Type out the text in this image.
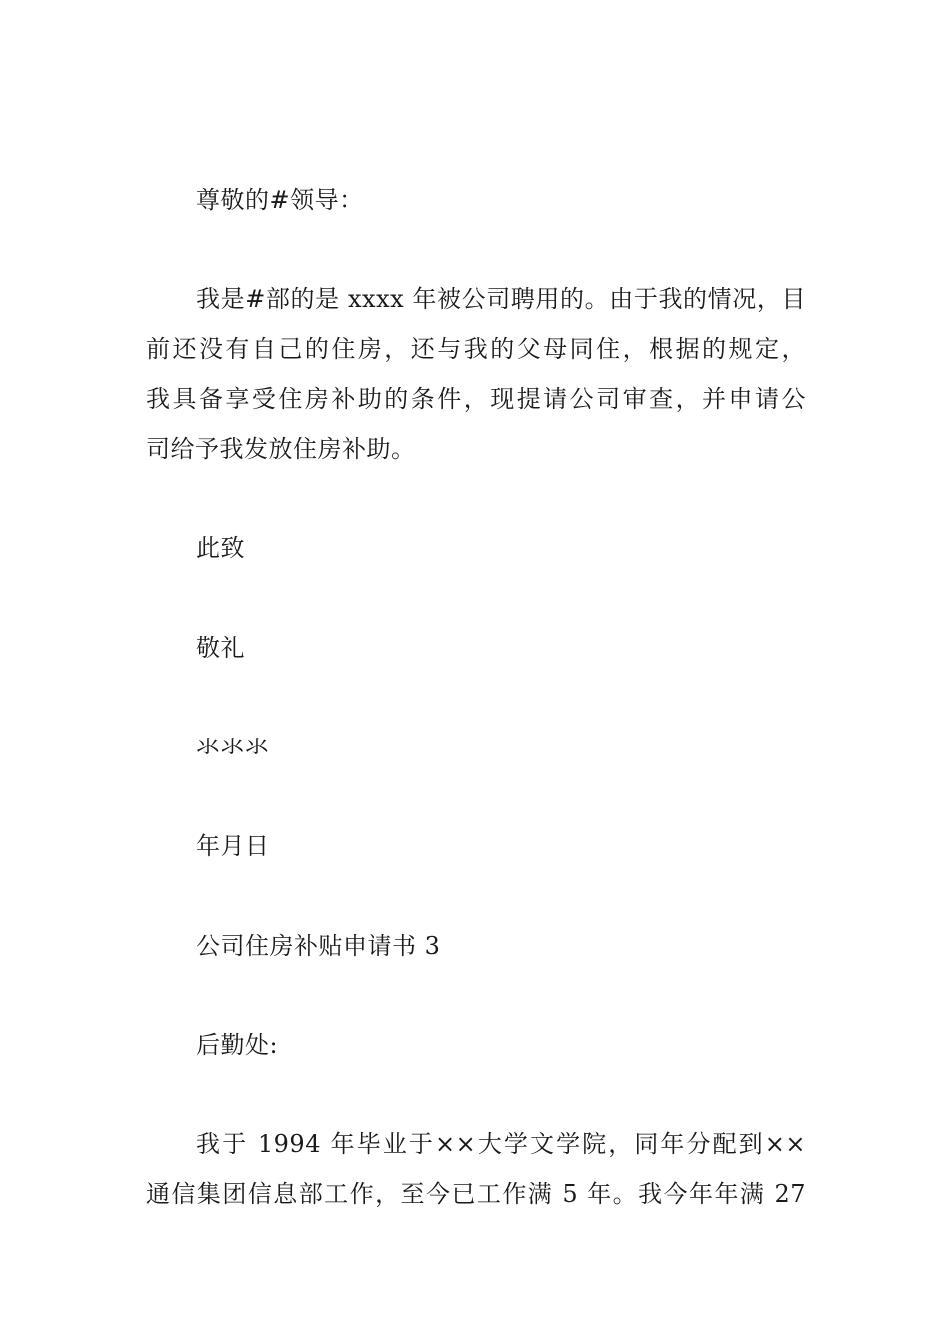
尊敬的#领导：
我是#部的是 xxxx 年被公司聘用的。由于我的情况，目
前还没有自己的住房，还与我的父母同住，根据的规定，
我具备享受住房补助的条件，现提请公司审查，并申请公
司给予我发放住房补助。
此致
敬礼
氺氺氺
年月日
公司住房补贴申请书 3
后勤处:
我于 1994 年毕业于××大学文学院，同年分配到××
通信集团信息部工作，至今已工作满 5 年。我今年年满 27
